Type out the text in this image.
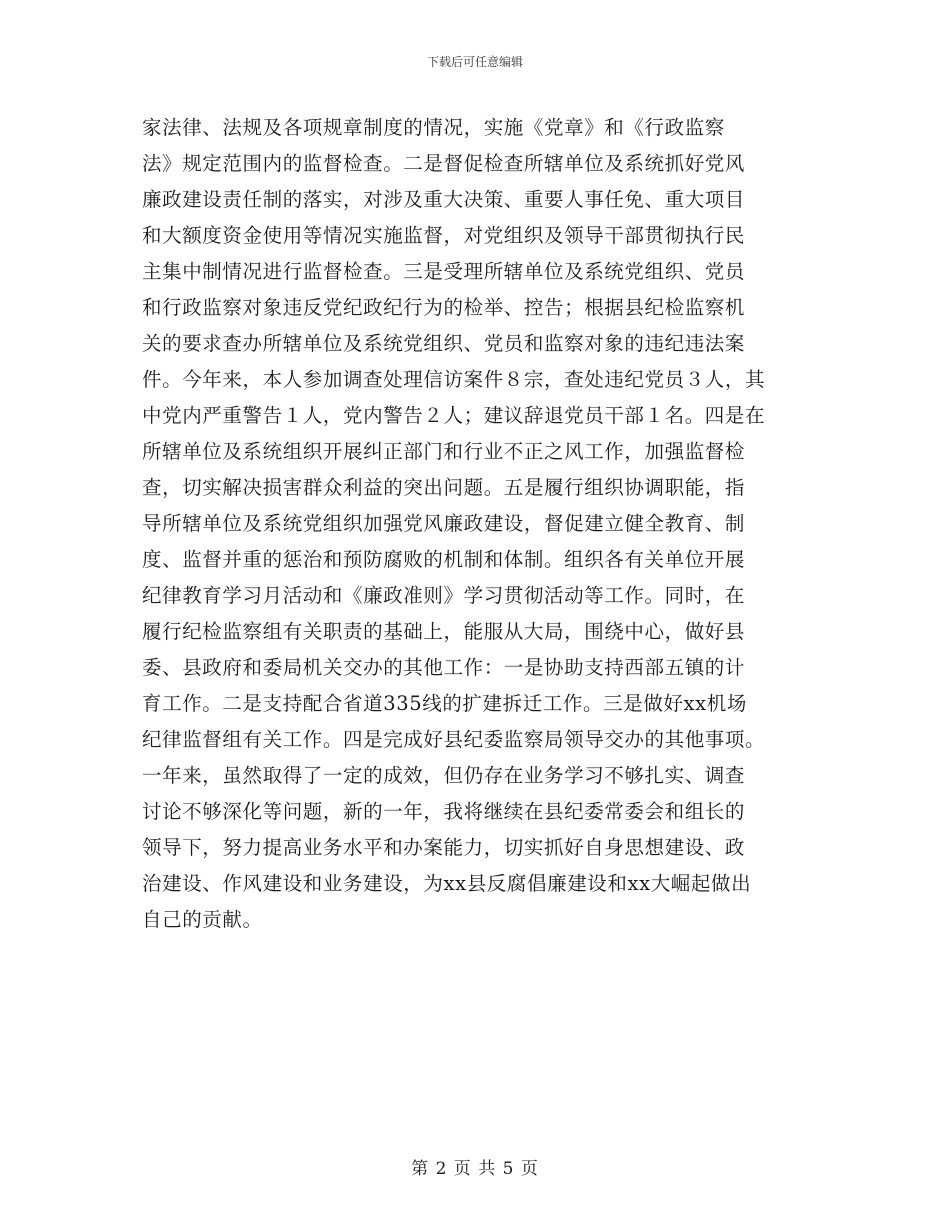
下载后可任意编辑
家法律、法规及各项规章制度的情况，实施《党章》和《行政监察
法》规定范围内的监督检查。二是督促检查所辖单位及系统抓好党风
廉政建设责任制的落实，对涉及重大决策、重要人事任免、重大项目
和大额度资金使用等情况实施监督，对党组织及领导干部贯彻执行民
主集中制情况进行监督检查。三是受理所辖单位及系统党组织、党员
和行政监察对象违反党纪政纪行为的检举、控告；根据县纪检监察机
关的要求查办所辖单位及系统党组织、党员和监察对象的违纪违法案
件。今年来，本人参加调查处理信访案件８宗，查处违纪党员３人，其
中党内严重警告１人，党内警告２人；建议辞退党员干部１名。四是在
所辖单位及系统组织开展纠正部门和行业不正之风工作，加强监督检
查，切实解决损害群众利益的突出问题。五是履行组织协调职能，指
导所辖单位及系统党组织加强党风廉政建设，督促建立健全教育、制
度、监督并重的惩治和预防腐败的机制和体制。组织各有关单位开展
纪律教育学习月活动和《廉政准则》学习贯彻活动等工作。同时，在
履行纪检监察组有关职责的基础上，能服从大局，围绕中心，做好县
委、县政府和委局机关交办的其他工作：一是协助支持西部五镇的计
育工作。二是支持配合省道335线的扩建拆迁工作。三是做好xx机场
纪律监督组有关工作。四是完成好县纪委监察局领导交办的其他事项。
一年来，虽然取得了一定的成效，但仍存在业务学习不够扎实、调查
讨论不够深化等问题，新的一年，我将继续在县纪委常委会和组长的
领导下，努力提高业务水平和办案能力，切实抓好自身思想建设、政
治建设、作风建设和业务建设，为xx县反腐倡廉建设和xx大崛起做出
自己的贡献。
第 2 页 共 5 页
